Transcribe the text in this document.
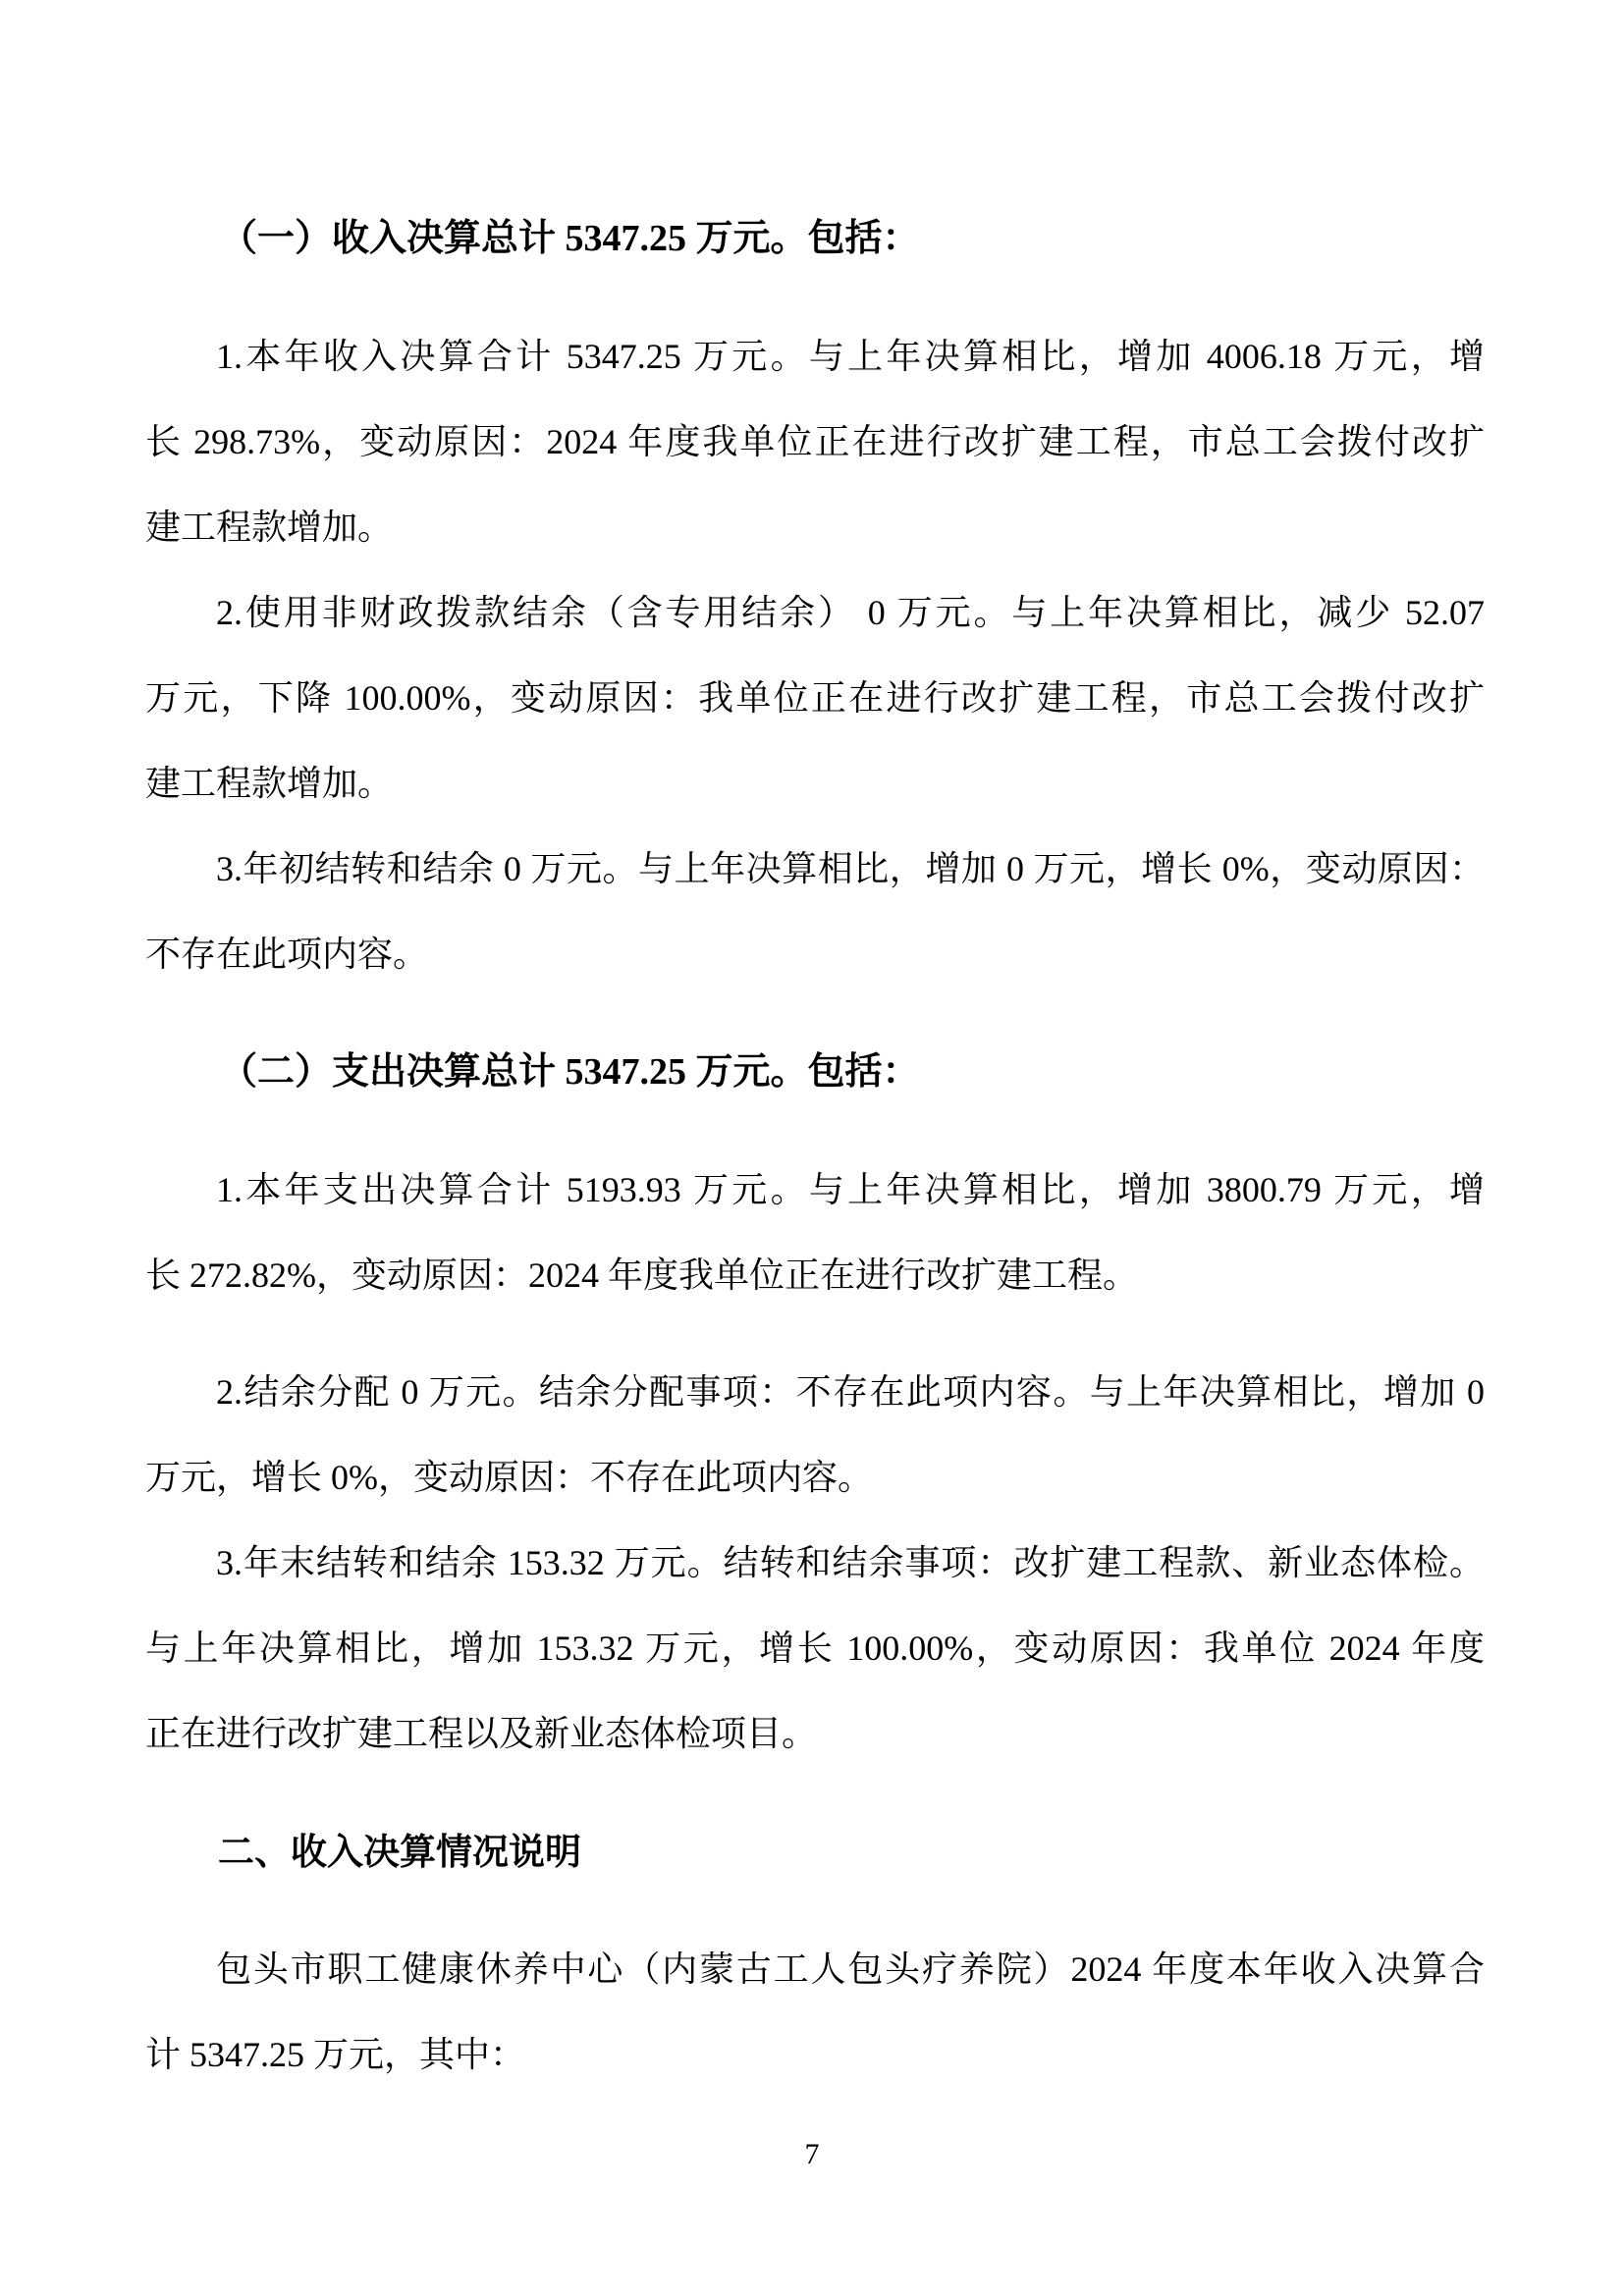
（一）收入决算总计 5347.25 万元。包括：
1.本年收入决算合计 5347.25 万元。与上年决算相比，增加 4006.18 万元，增
长 298.73%，变动原因：2024 年度我单位正在进行改扩建工程，市总工会拨付改扩
建工程款增加。
2.使用非财政拨款结余（含专用结余） 0 万元。与上年决算相比，减少 52.07
万元，下降 100.00%，变动原因：我单位正在进行改扩建工程，市总工会拨付改扩
建工程款增加。
3.年初结转和结余 0 万元。与上年决算相比，增加 0 万元，增长 0%，变动原因：
不存在此项内容。
（二）支出决算总计 5347.25 万元。包括：
1.本年支出决算合计 5193.93 万元。与上年决算相比，增加 3800.79 万元，增
长 272.82%，变动原因：2024 年度我单位正在进行改扩建工程。
2.结余分配 0 万元。结余分配事项：不存在此项内容。与上年决算相比，增加 0
万元，增长 0%，变动原因：不存在此项内容。
3.年末结转和结余 153.32 万元。结转和结余事项：改扩建工程款、新业态体检。
与上年决算相比，增加 153.32 万元，增长 100.00%，变动原因：我单位 2024 年度
正在进行改扩建工程以及新业态体检项目。
二、收入决算情况说明
包头市职工健康休养中心（内蒙古工人包头疗养院）2024 年度本年收入决算合
计 5347.25 万元，其中：
7
